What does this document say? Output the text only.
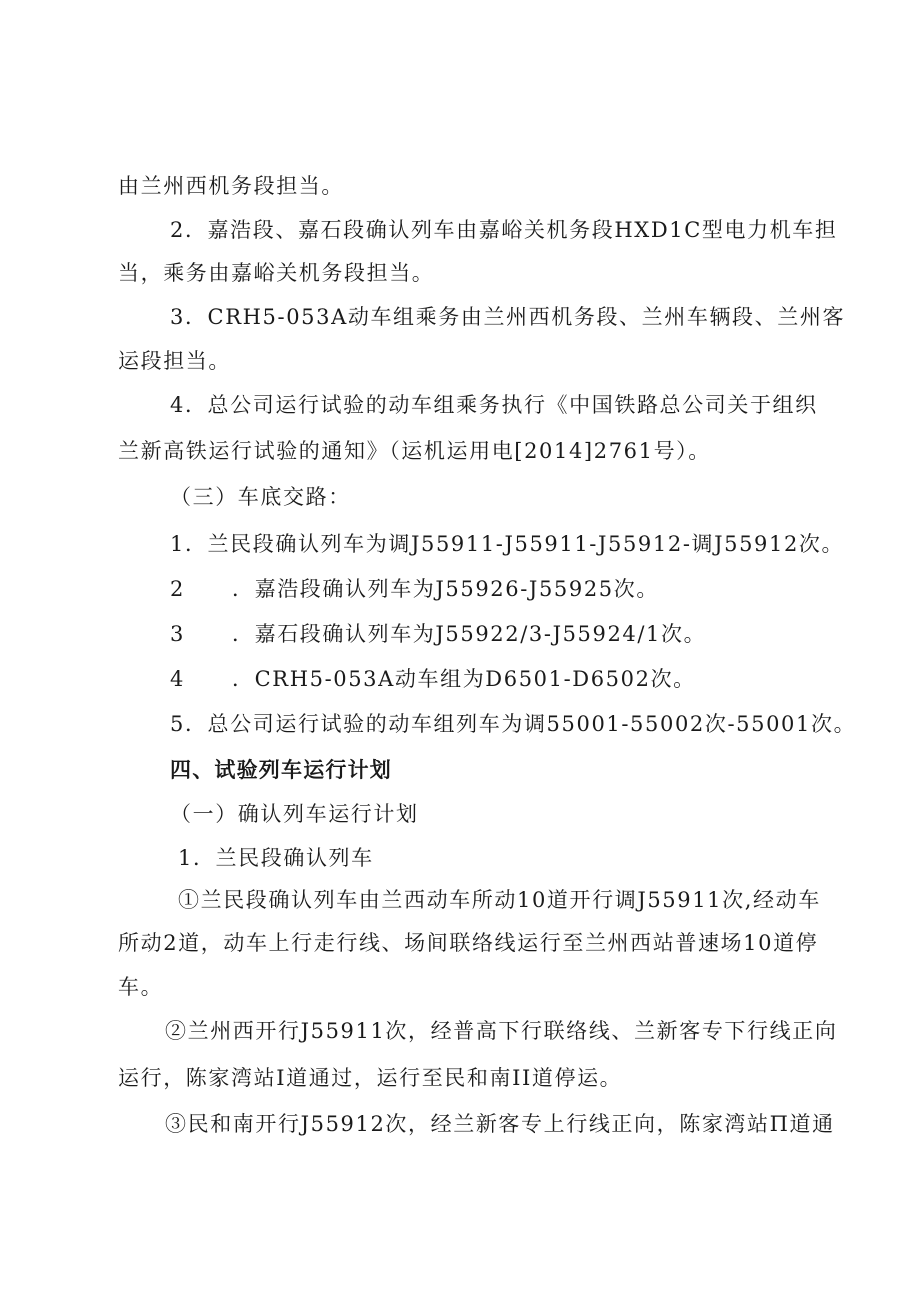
由兰州西机务段担当。
2．嘉浩段、嘉石段确认列车由嘉峪关机务段HXD1C型电力机车担
当，乘务由嘉峪关机务段担当。
3．CRH5-053A动车组乘务由兰州西机务段、兰州车辆段、兰州客
运段担当。
4．总公司运行试验的动车组乘务执行《中国铁路总公司关于组织
兰新高铁运行试验的通知》（运机运用电[2014]2761号）。
（三）车底交路：
1．兰民段确认列车为调J55911-J55911-J55912-调J55912次。
2 ．嘉浩段确认列车为J55926-J55925次。
3 ．嘉石段确认列车为J55922/3-J55924/1次。
4 ．CRH5-053A动车组为D6501-D6502次。
5．总公司运行试验的动车组列车为调55001-55002次-55001次。
四、试验列车运行计划
（一）确认列车运行计划
1．兰民段确认列车
①兰民段确认列车由兰西动车所动10道开行调J55911次,经动车
所动2道，动车上行走行线、场间联络线运行至兰州西站普速场10道停
车。
②兰州西开行J55911次，经普高下行联络线、兰新客专下行线正向
运行，陈家湾站Ⅰ道通过，运行至民和南II道停运。
③民和南开行J55912次，经兰新客专上行线正向，陈家湾站Π道通
